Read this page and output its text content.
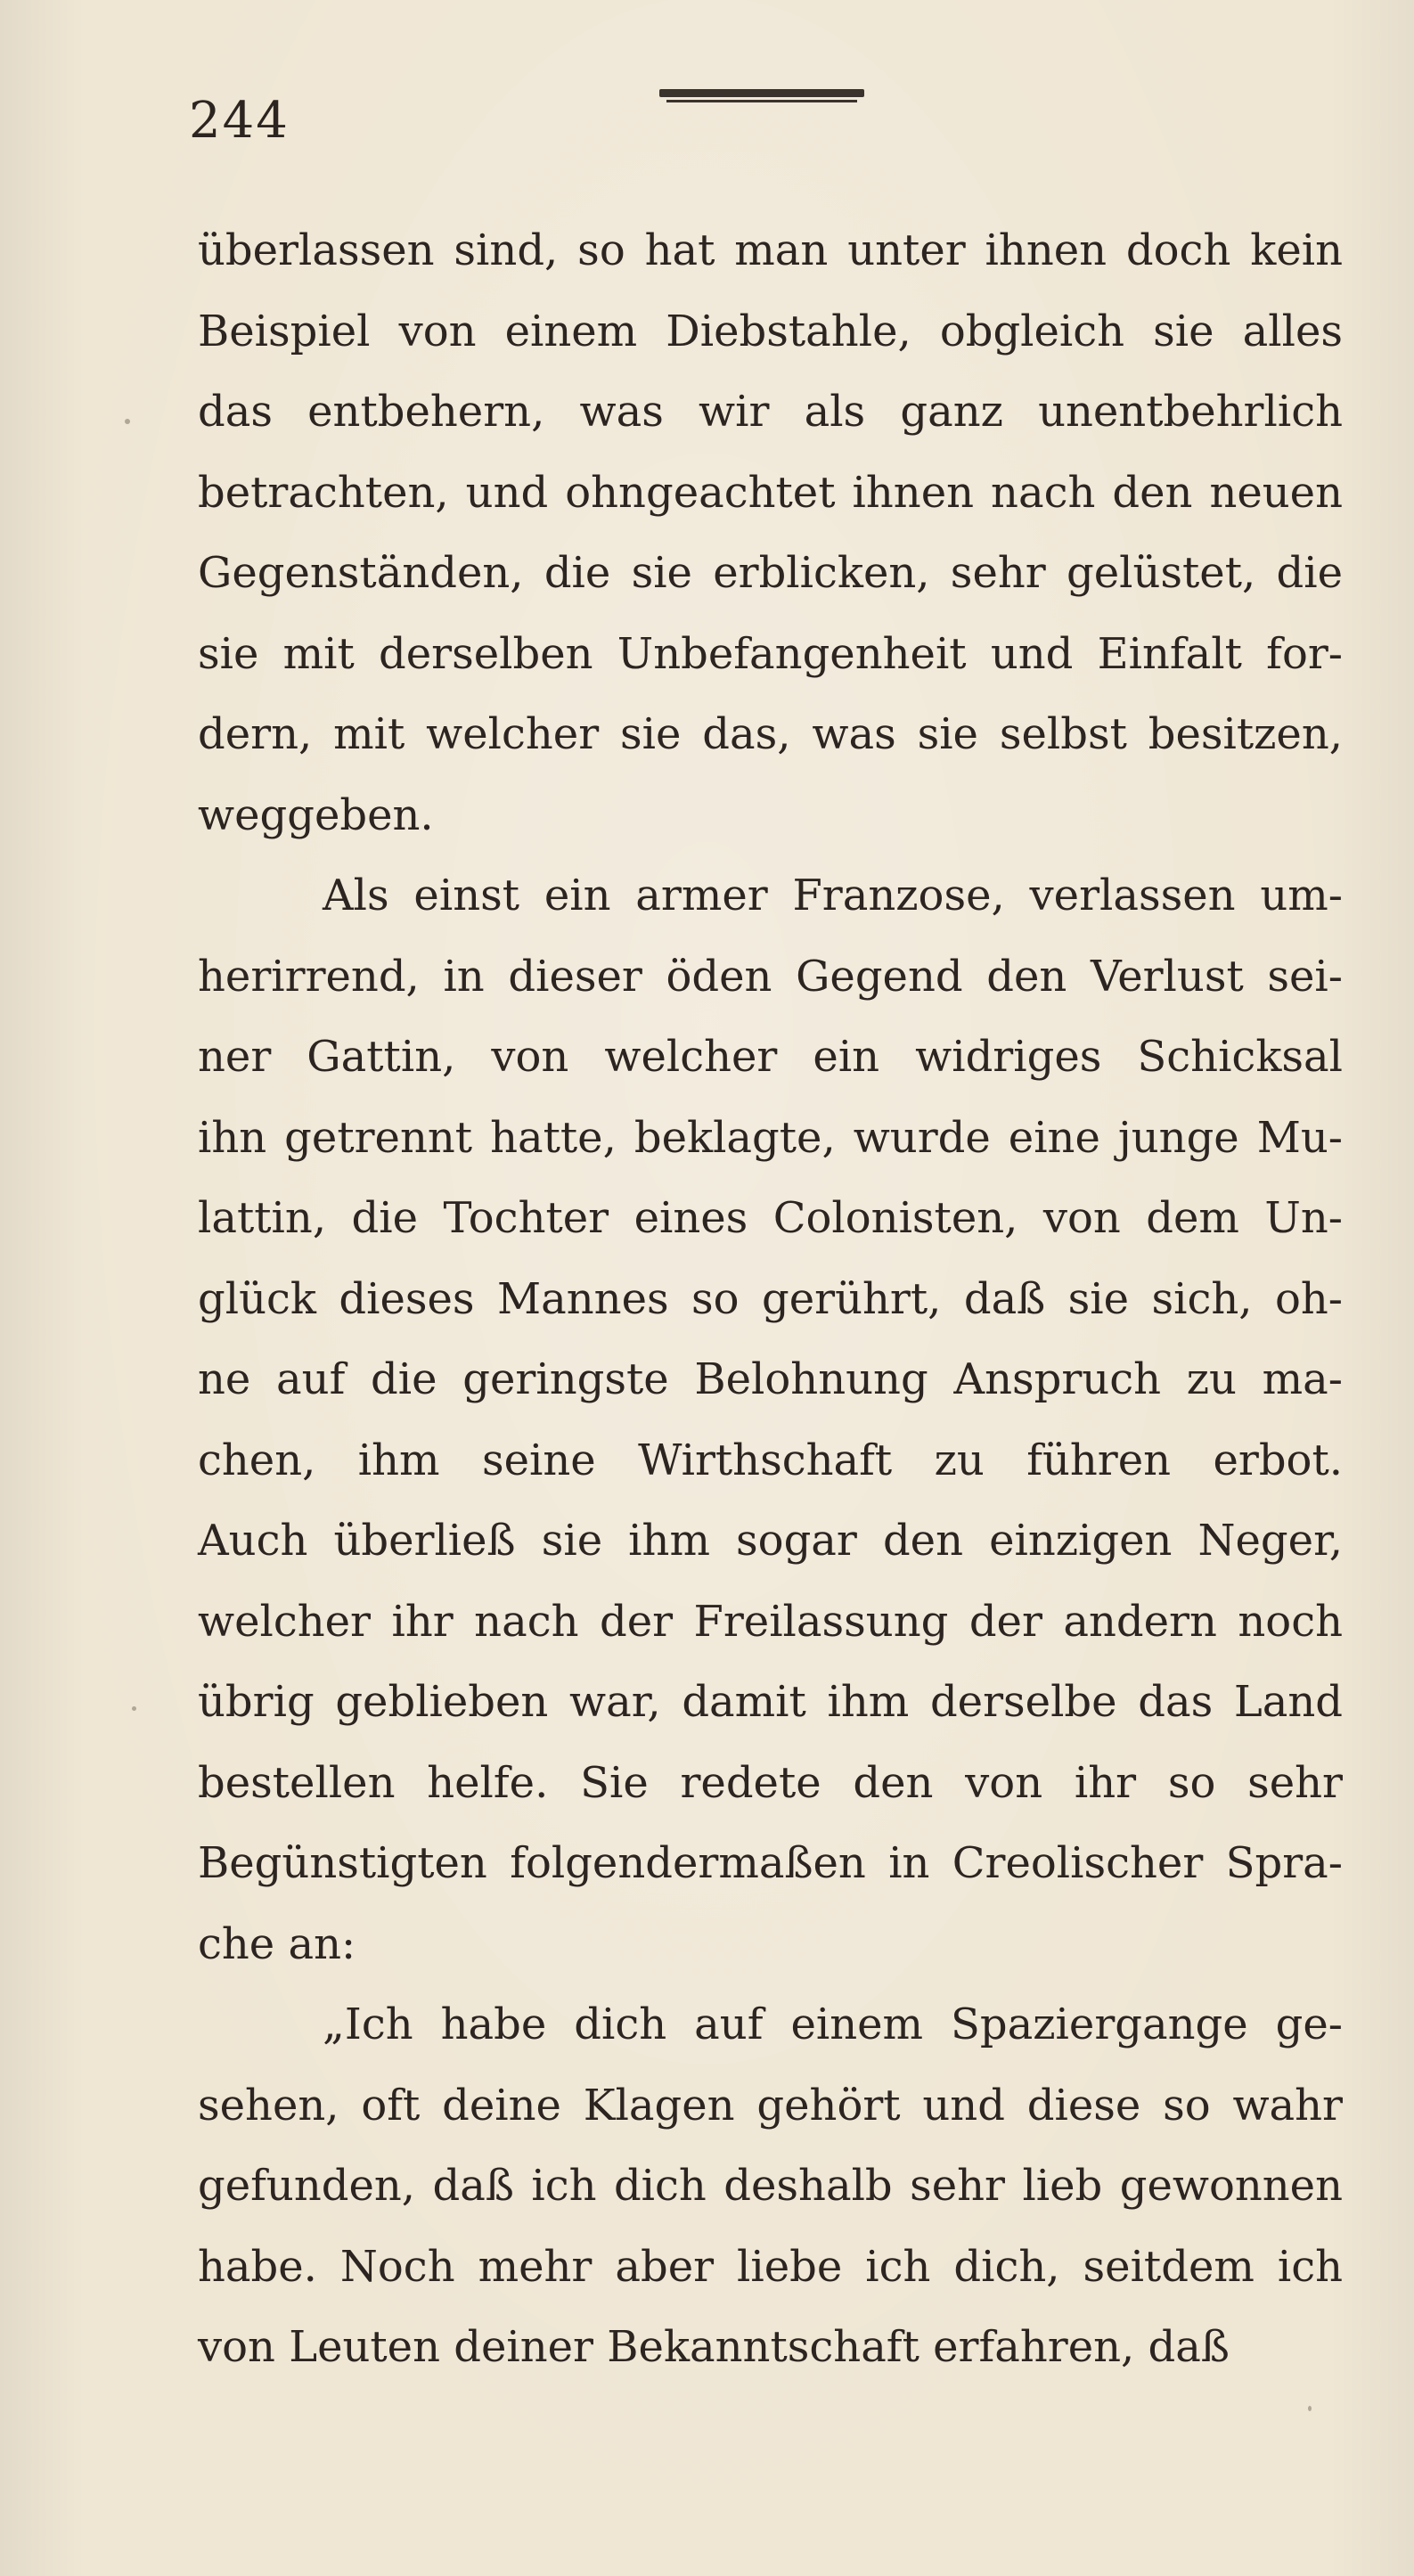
244
überlassen sind, so hat man unter ihnen doch kein
Beispiel von einem Diebstahle, obgleich sie alles
das entbehern, was wir als ganz unentbehrlich
betrachten, und ohngeachtet ihnen nach den neuen
Gegenständen, die sie erblicken, sehr gelüstet, die
sie mit derselben Unbefangenheit und Einfalt for-
dern, mit welcher sie das, was sie selbst besitzen,
weggeben.
Als einst ein armer Franzose, verlassen um-
herirrend, in dieser öden Gegend den Verlust sei-
ner Gattin, von welcher ein widriges Schicksal
ihn getrennt hatte, beklagte, wurde eine junge Mu-
lattin, die Tochter eines Colonisten, von dem Un-
glück dieses Mannes so gerührt, daß sie sich, oh-
ne auf die geringste Belohnung Anspruch zu ma-
chen, ihm seine Wirthschaft zu führen erbot.
Auch überließ sie ihm sogar den einzigen Neger,
welcher ihr nach der Freilassung der andern noch
übrig geblieben war, damit ihm derselbe das Land
bestellen helfe. Sie redete den von ihr so sehr
Begünstigten folgendermaßen in Creolischer Spra-
che an:
„Ich habe dich auf einem Spaziergange ge-
sehen, oft deine Klagen gehört und diese so wahr
gefunden, daß ich dich deshalb sehr lieb gewonnen
habe. Noch mehr aber liebe ich dich, seitdem ich
von Leuten deiner Bekanntschaft erfahren, daß
